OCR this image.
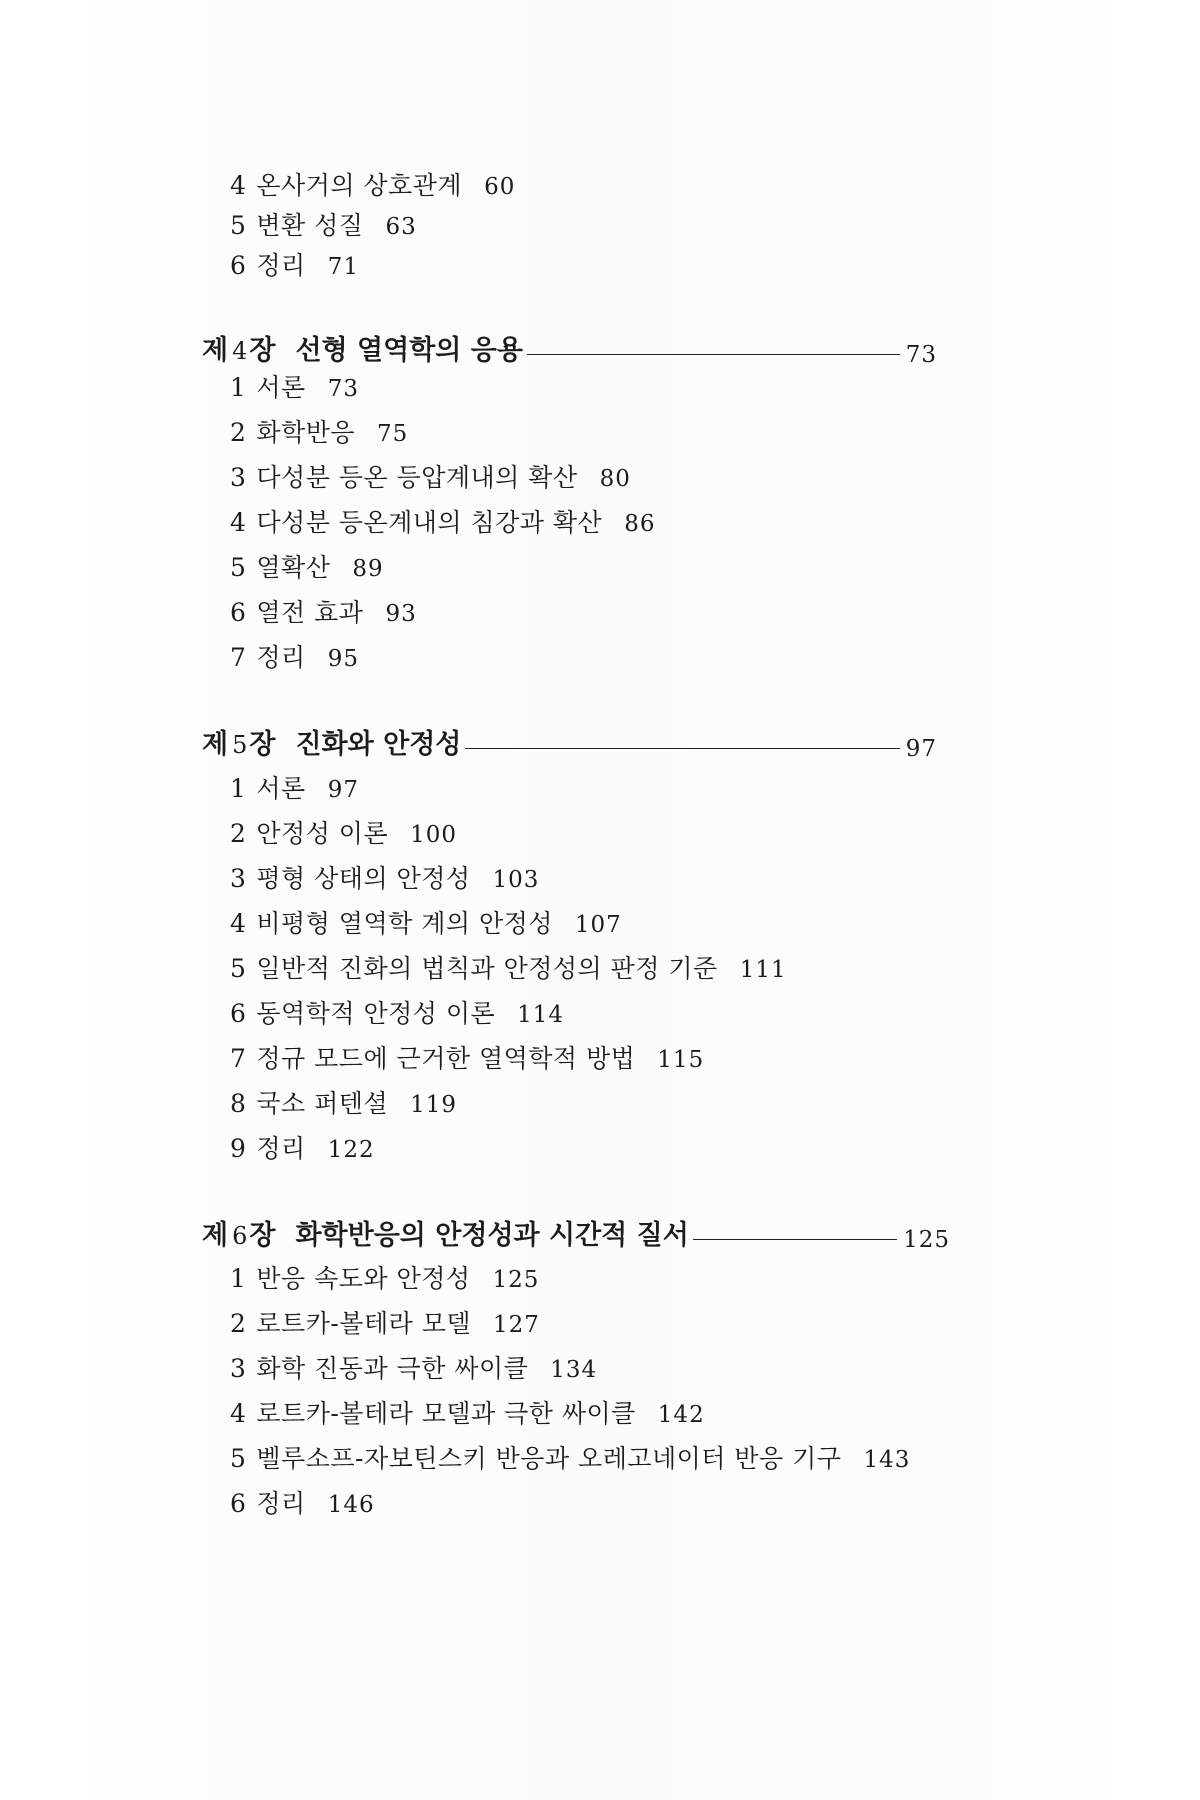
4 온사거의 상호관계 60
5 변환 성질 63
6 정리 71
제 4 장 선형 열역학의 응용	73
1 서론 73
2 화학반응 75
3 다성분 등온 등압계내의 확산 80
4 다성분 등온계내의 침강과 확산 86
5 열확산 89
6 열전 효과 93
7 정리 95
제 5 장 진화와 안정성	97
1 서론 97
2 안정성 이론 100
3 평형 상태의 안정성 103
4 비평형 열역학 계의 안정성 107
5 일반적 진화의 법칙과 안정성의 판정 기준 111
6 동역학적 안정성 이론 114
7 정규 모드에 근거한 열역학적 방법 115
8 국소 퍼텐셜 119
9 정리 122
제 6 장 화학반응의 안정성과 시간적 질서	125
1 반응 속도와 안정성 125
2 로트카-볼테라 모델 127
3 화학 진동과 극한 싸이클 134
4 로트카-볼테라 모델과 극한 싸이클 142
5 벨루소프-자보틴스키 반응과 오레고네이터 반응 기구 143
6 정리 146
